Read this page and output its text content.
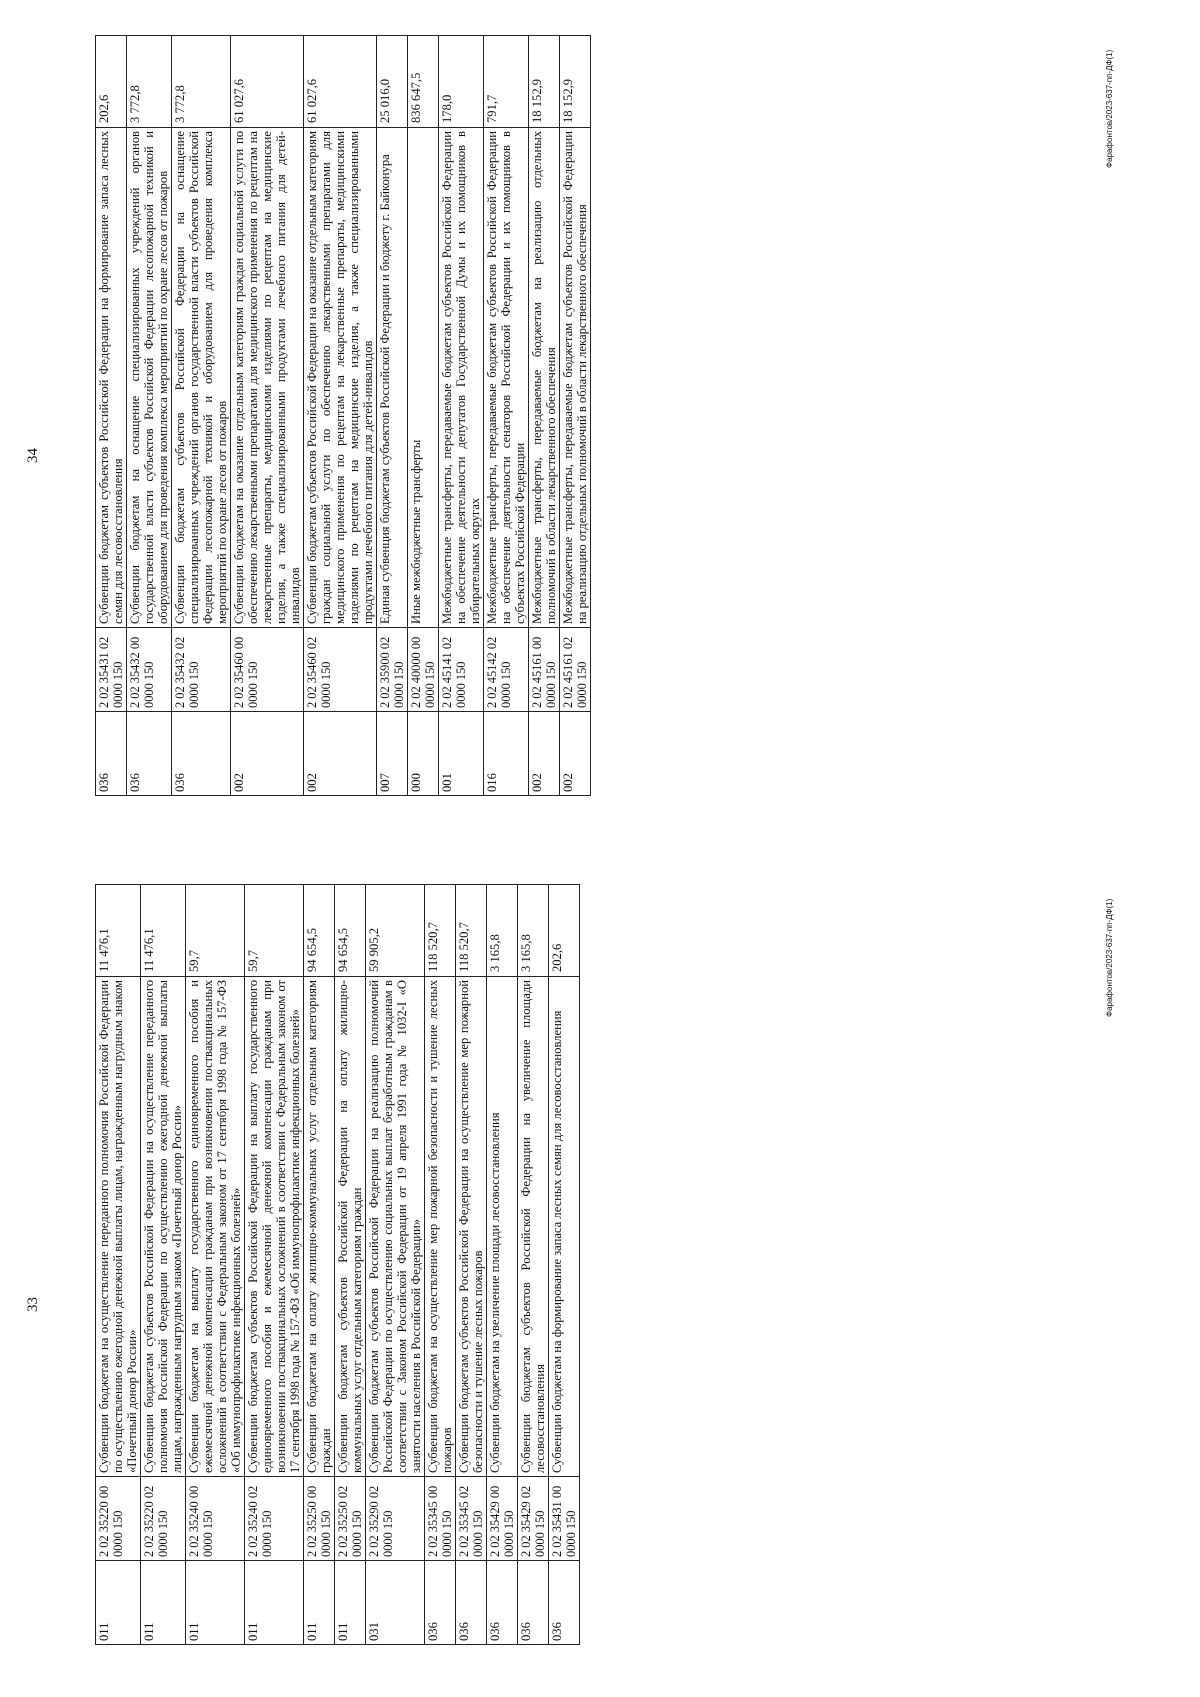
33
011	2 02 35220 00 0000 150	Субвенции бюджетам на осуществление переданного полномочия Российской Федерации по осуществлению ежегодной денежной выплаты лицам, награжденным нагрудным знаком «Почетный донор России»	11 476,1
011	2 02 35220 02 0000 150	Субвенции бюджетам субъектов Российской Федерации на осуществление переданного полномочия Российской Федерации по осуществлению ежегодной денежной выплаты лицам, награжденным нагрудным знаком «Почетный донор России»	11 476,1
011	2 02 35240 00 0000 150	Субвенции бюджетам на выплату государственного единовременного пособия и ежемесячной денежной компенсации гражданам при возникновении поствакцинальных осложнений в соответствии с Федеральным законом от 17 сентября 1998 года № 157-ФЗ «Об иммунопрофилактике инфекционных болезней»	59,7
011	2 02 35240 02 0000 150	Субвенции бюджетам субъектов Российской Федерации на выплату государственного единовременного пособия и ежемесячной денежной компенсации гражданам при возникновении поствакцинальных осложнений в соответствии с Федеральным законом от 17 сентября 1998 года № 157-ФЗ «Об иммунопрофилактике инфекционных болезней»	59,7
011	2 02 35250 00 0000 150	Субвенции бюджетам на оплату жилищно-коммунальных услуг отдельным категориям граждан	94 654,5
011	2 02 35250 02 0000 150	Субвенции бюджетам субъектов Российской Федерации на оплату жилищно-коммунальных услуг отдельным категориям граждан	94 654,5
031	2 02 35290 02 0000 150	Субвенции бюджетам субъектов Российской Федерации на реализацию полномочий Российской Федерации по осуществлению социальных выплат безработным гражданам в соответствии с Законом Российской Федерации от 19 апреля 1991 года № 1032-I «О занятости населения в Российской Федерации»	59 905,2
036	2 02 35345 00 0000 150	Субвенции бюджетам на осуществление мер пожарной безопасности и тушение лесных пожаров	118 520,7
036	2 02 35345 02 0000 150	Субвенции бюджетам субъектов Российской Федерации на осуществление мер пожарной безопасности и тушение лесных пожаров	118 520,7
036	2 02 35429 00 0000 150	Субвенции бюджетам на увеличение площади лесовосстановления	3 165,8
036	2 02 35429 02 0000 150	Субвенции бюджетам субъектов Российской Федерации на увеличение площади лесовосстановления	3 165,8
036	2 02 35431 00 0000 150	Субвенции бюджетам на формирование запаса лесных семян для лесовосстановления	202,6	Фарафонтов/2023-637-пп-ДФ(1)
34
036	2 02 35431 02 0000 150	Субвенции бюджетам субъектов Российской Федерации на формирование запаса лесных семян для лесовосстановления	202,6
036	2 02 35432 00 0000 150	Субвенции бюджетам на оснащение специализированных учреждений органов государственной власти субъектов Российской Федерации лесопожарной техникой и оборудованием для проведения комплекса мероприятий по охране лесов от пожаров	3 772,8
036	2 02 35432 02 0000 150	Субвенции бюджетам субъектов Российской Федерации на оснащение специализированных учреждений органов государственной власти субъектов Российской Федерации лесопожарной техникой и оборудованием для проведения комплекса мероприятий по охране лесов от пожаров	3 772,8
002	2 02 35460 00 0000 150	Субвенции бюджетам на оказание отдельным категориям граждан социальной услуги по обеспечению лекарственными препаратами для медицинского применения по рецептам на лекарственные препараты, медицинскими изделиями по рецептам на медицинские изделия, а также специализированными продуктами лечебного питания для детей-инвалидов	61 027,6
002	2 02 35460 02 0000 150	Субвенции бюджетам субъектов Российской Федерации на оказание отдельным категориям граждан социальной услуги по обеспечению лекарственными препаратами для медицинского применения по рецептам на лекарственные препараты, медицинскими изделиями по рецептам на медицинские изделия, а также специализированными продуктами лечебного питания для детей-инвалидов	61 027,6
007	2 02 35900 02 0000 150	Единая субвенция бюджетам субъектов Российской Федерации и бюджету г. Байконура	25 016,0
000	2 02 40000 00 0000 150	Иные межбюджетные трансферты	836 647,5
001	2 02 45141 02 0000 150	Межбюджетные трансферты, передаваемые бюджетам субъектов Российской Федерации на обеспечение деятельности депутатов Государственной Думы и их помощников в избирательных округах	178,0
016	2 02 45142 02 0000 150	Межбюджетные трансферты, передаваемые бюджетам субъектов Российской Федерации на обеспечение деятельности сенаторов Российской Федерации и их помощников в субъектах Российской Федерации	791,7
002	2 02 45161 00 0000 150	Межбюджетные трансферты, передаваемые бюджетам на реализацию отдельных полномочий в области лекарственного обеспечения	18 152,9
002	2 02 45161 02 0000 150	Межбюджетные трансферты, передаваемые бюджетам субъектов Российской Федерации на реализацию отдельных полномочий в области лекарственного обеспечения	18 152,9	Фарафонтов/2023-637-пп-ДФ(1)
